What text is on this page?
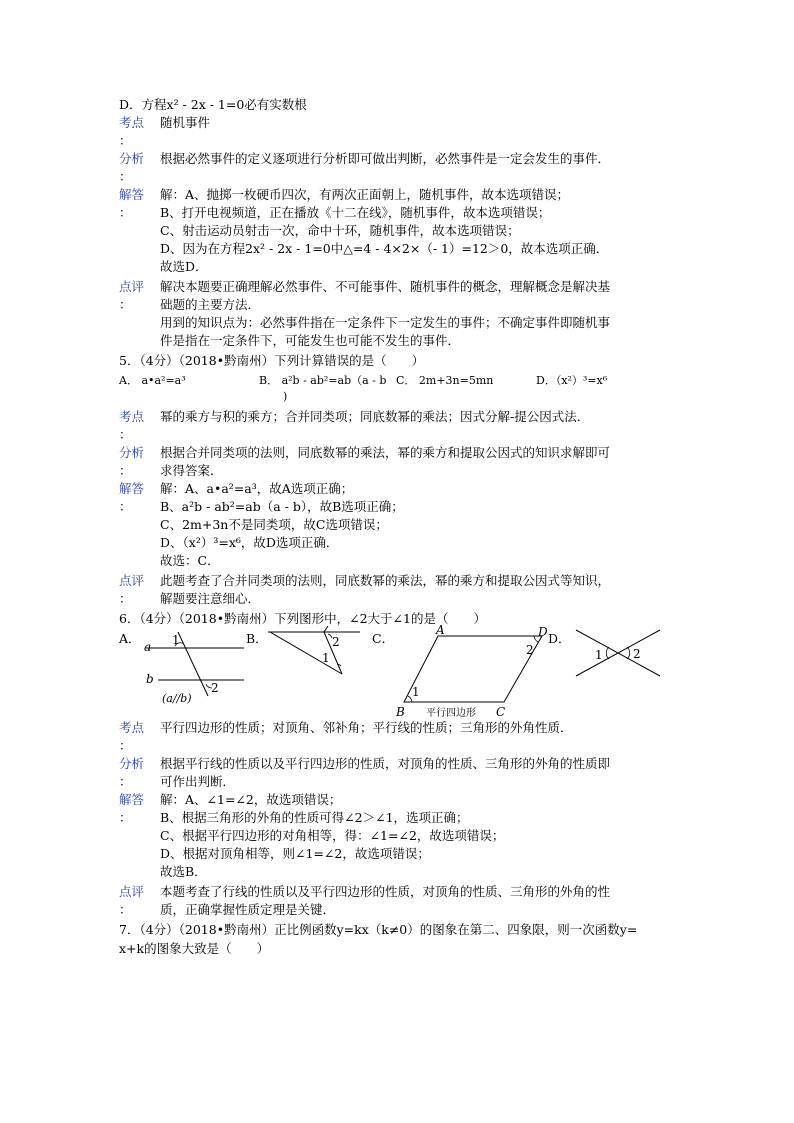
D．方程x² - 2x - 1=0必有实数根
考点 随机事件
：
分析 根据必然事件的定义逐项进行分析即可做出判断，必然事件是一定会发生的事件．
：
解答
：
解：A、抛掷一枚硬币四次，有两次正面朝上，随机事件，故本选项错误；
B、打开电视频道，正在播放《十二在线》，随机事件，故本选项错误；
C、射击运动员射击一次，命中十环，随机事件，故本选项错误；
D、因为在方程2x² - 2x - 1=0中△=4 - 4×2×（- 1）=12＞0，故本选项正确．
故选D．
点评
：
解决本题要正确理解必然事件、不可能事件、随机事件的概念，理解概念是解决基
础题的主要方法．
用到的知识点为：必然事件指在一定条件下一定发生的事件；不确定事件即随机事
件是指在一定条件下，可能发生也可能不发生的事件．
5．（4分）（2018•黔南州）下列计算错误的是（　　）
A． a•a²=a³	B． a²b - ab²=ab（a - b
)
C． 2m+3n=5mn	D．（x²）³=x⁶
考点 幂的乘方与积的乘方；合并同类项；同底数幂的乘法；因式分解-提公因式法．
：
分析
：
根据合并同类项的法则，同底数幂的乘法，幂的乘方和提取公因式的知识求解即可
求得答案．
解答
：
解：A、a•a²=a³，故A选项正确；
B、a²b - ab²=ab（a - b），故B选项正确；
C、2m+3n不是同类项，故C选项错误；
D、（x²）³=x⁶，故D选项正确．
故选：C．
点评
：
此题考查了合并同类项的法则，同底数幂的乘法，幂的乘方和提取公因式等知识，
解题要注意细心．
6．（4分）（2018•黔南州）下列图形中，∠2大于∠1的是（　　）
A．	B．	C．	D．
a
b
1
2
(a//b)
2
1
A	D
B	C
1
2
平行四边形
1	2
考点 平行四边形的性质；对顶角、邻补角；平行线的性质；三角形的外角性质．
：
分析
：
根据平行线的性质以及平行四边形的性质，对顶角的性质、三角形的外角的性质即
可作出判断．
解答
：
解：A、∠1=∠2，故选项错误；
B、根据三角形的外角的性质可得∠2＞∠1，选项正确；
C、根据平行四边形的对角相等，得：∠1=∠2，故选项错误；
D、根据对顶角相等，则∠1=∠2，故选项错误；
故选B．
点评
：
本题考查了行线的性质以及平行四边形的性质，对顶角的性质、三角形的外角的性
质，正确掌握性质定理是关键．
7．（4分）（2018•黔南州）正比例函数y=kx（k≠0）的图象在第二、四象限，则一次函数y=
x+k的图象大致是（　　）
